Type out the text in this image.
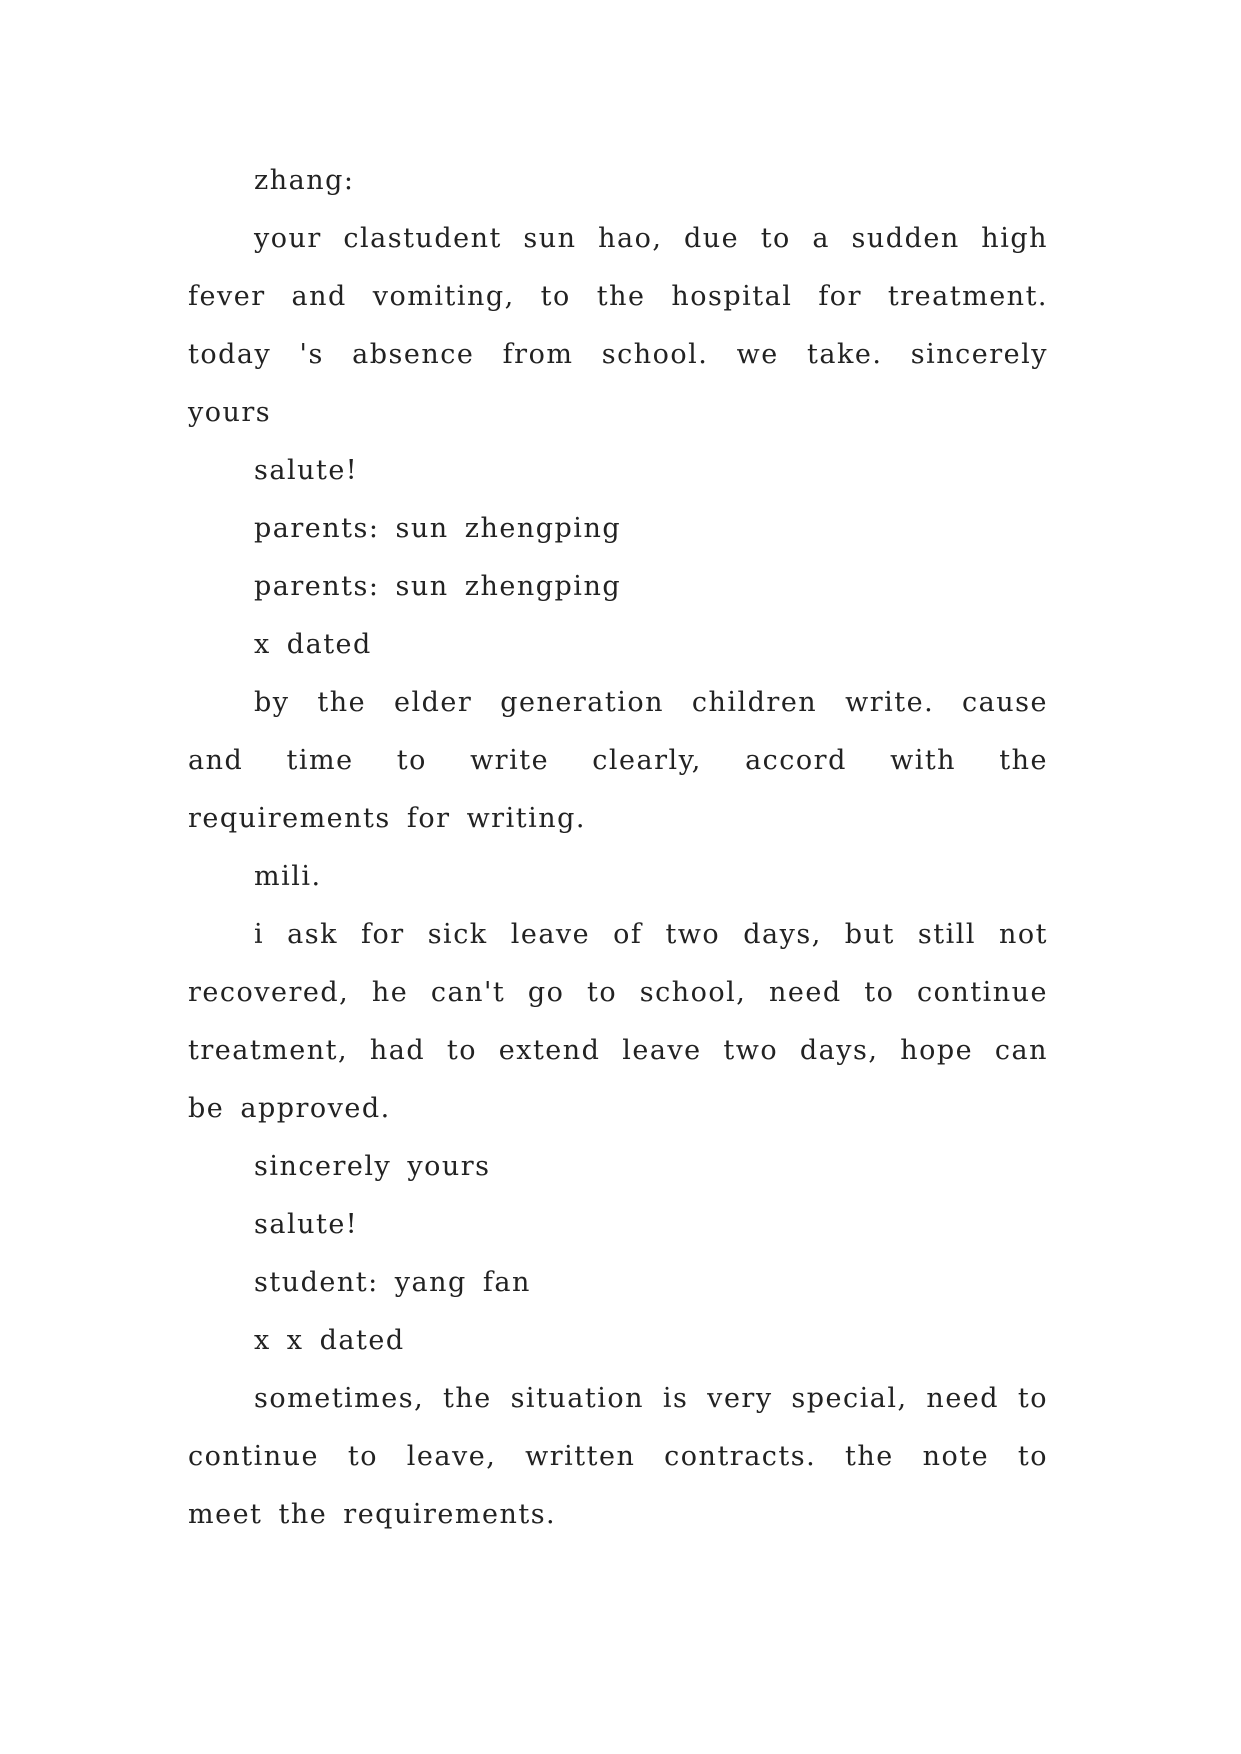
zhang:

your clastudent sun hao, due to a sudden high fever and vomiting, to the hospital for treatment. today 's absence from school. we take. sincerely yours

salute!

parents: sun zhengping

parents: sun zhengping

x dated

by the elder generation children write. cause and time to write clearly, accord with the requirements for writing.

mili.

i ask for sick leave of two days, but still not recovered, he can't go to school, need to continue treatment, had to extend leave two days, hope can be approved.

sincerely yours

salute!

student: yang fan

x x dated

sometimes, the situation is very special, need to continue to leave, written contracts. the note to meet the requirements.
